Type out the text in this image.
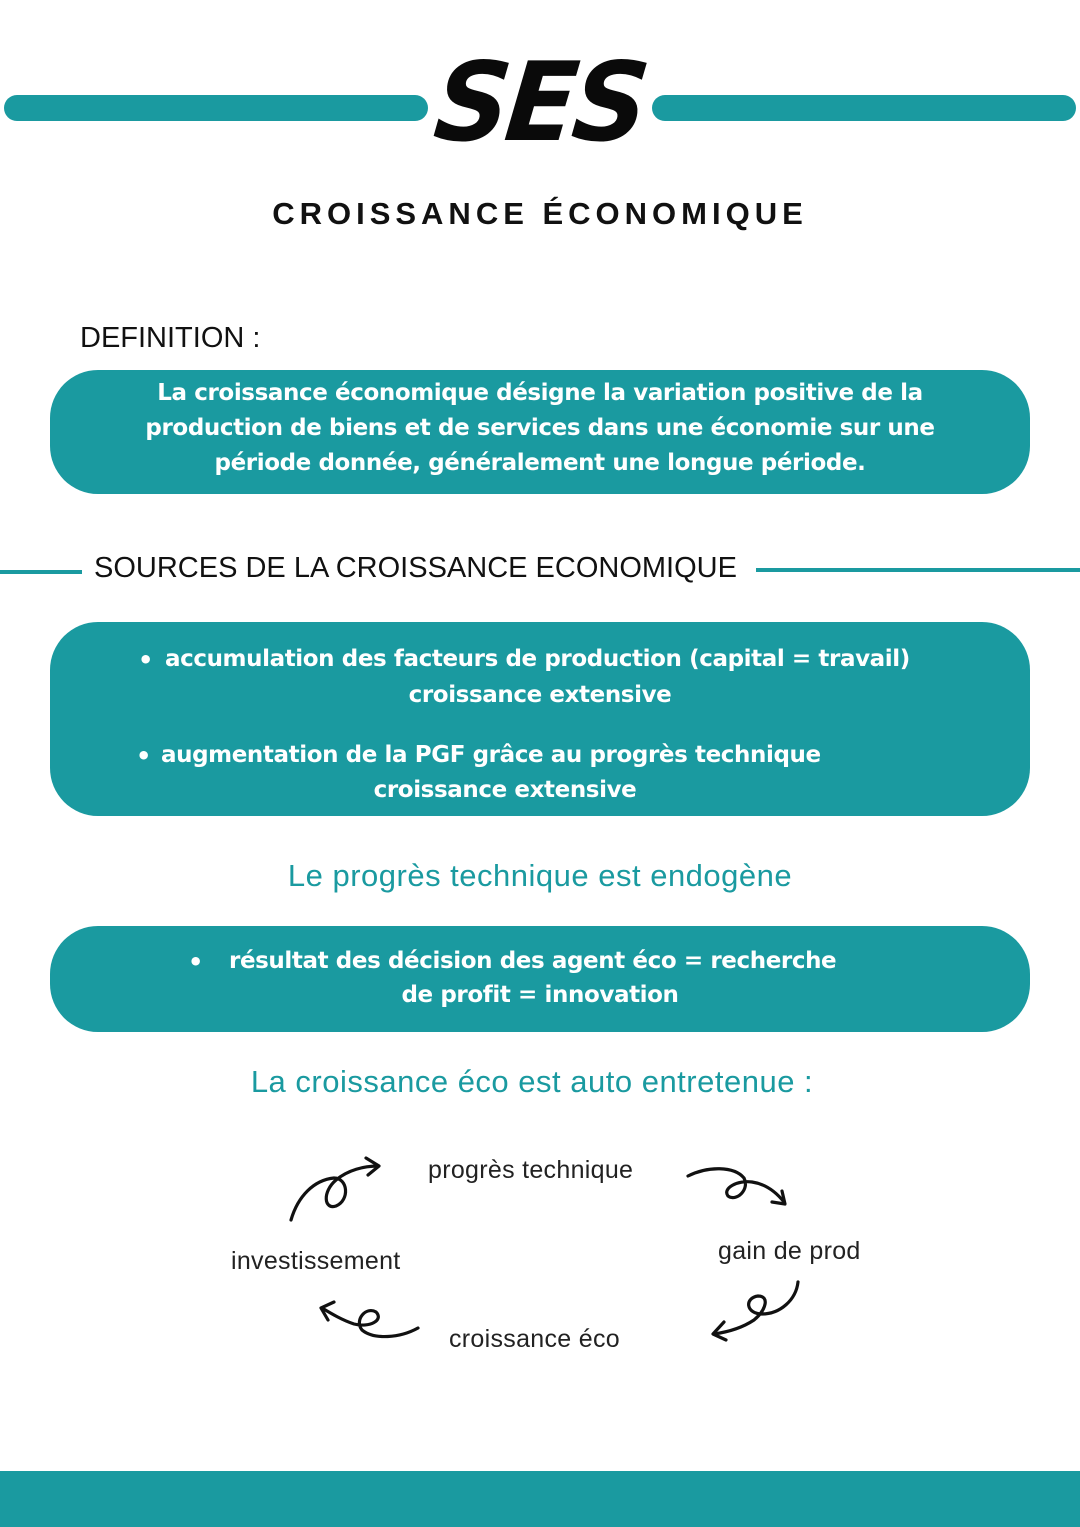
SES
CROISSANCE ÉCONOMIQUE
DEFINITION :
La croissance économique désigne la variation positive de la
production de biens et de services dans une économie sur une
période donnée, généralement une longue période.
SOURCES DE LA CROISSANCE ECONOMIQUE
• accumulation des facteurs de production (capital = travail)
croissance extensive
• augmentation de la PGF grâce au progrès technique
croissance extensive
Le progrès technique est endogène
• résultat des décision des agent éco = recherche
de profit = innovation
La croissance éco est auto entretenue :
progrès technique
gain de prod
croissance éco
investissement
